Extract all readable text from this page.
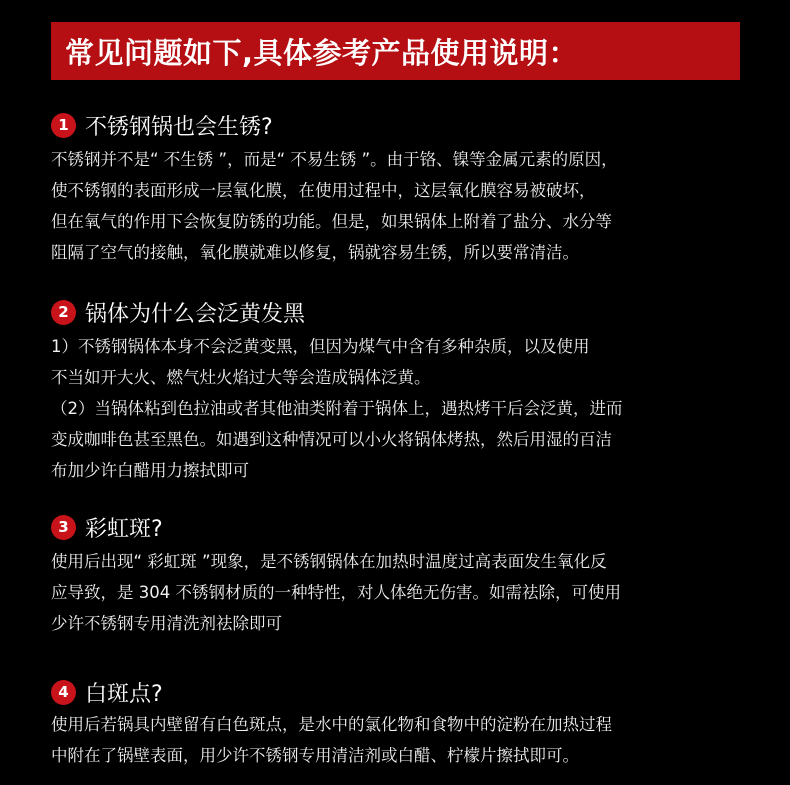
常见问题如下,具体参考产品使用说明：
1 不锈钢锅也会生锈?
不锈钢并不是“ 不生锈 ”，而是“ 不易生锈 ”。由于铬、镍等金属元素的原因，
使不锈钢的表面形成一层氧化膜，在使用过程中，这层氧化膜容易被破坏，
但在氧气的作用下会恢复防锈的功能。但是，如果锅体上附着了盐分、水分等
阻隔了空气的接触，氧化膜就难以修复，锅就容易生锈，所以要常清洁。
2 锅体为什么会泛黄发黑
1）不锈钢锅体本身不会泛黄变黑，但因为煤气中含有多种杂质，以及使用
不当如开大火、燃气灶火焰过大等会造成锅体泛黄。
（2）当锅体粘到色拉油或者其他油类附着于锅体上，遇热烤干后会泛黄，进而
变成咖啡色甚至黑色。如遇到这种情况可以小火将锅体烤热，然后用湿的百洁
布加少许白醋用力擦拭即可
3 彩虹斑?
使用后出现“ 彩虹斑 ”现象，是不锈钢锅体在加热时温度过高表面发生氧化反
应导致，是 304 不锈钢材质的一种特性，对人体绝无伤害。如需祛除，可使用
少许不锈钢专用清洗剂祛除即可
4 白斑点?
使用后若锅具内壁留有白色斑点，是水中的氯化物和食物中的淀粉在加热过程
中附在了锅壁表面，用少许不锈钢专用清洁剂或白醋、柠檬片擦拭即可。
